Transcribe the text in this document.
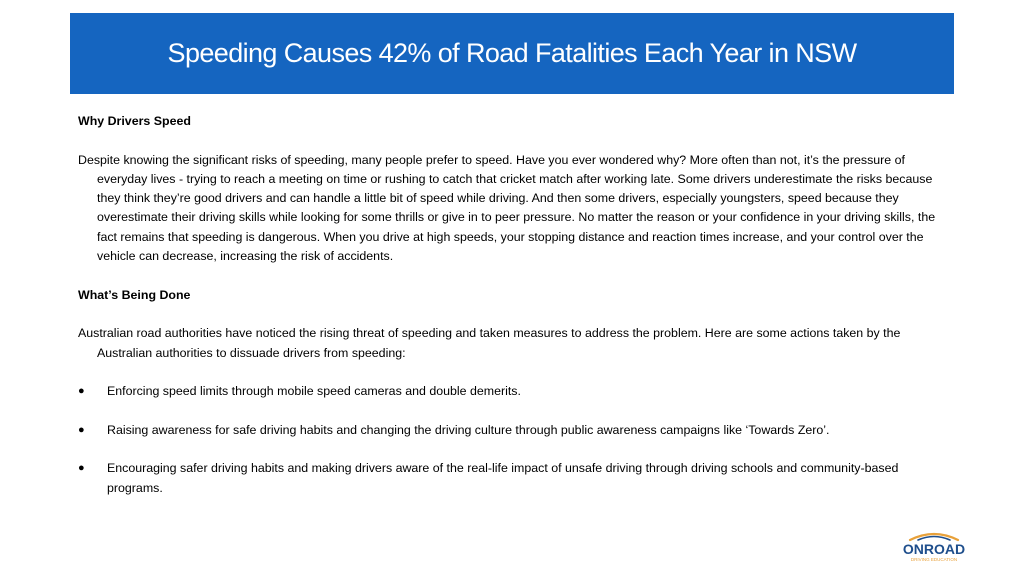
Speeding Causes 42% of Road Fatalities Each Year in NSW

Why Drivers Speed

Despite knowing the significant risks of speeding, many people prefer to speed. Have you ever wondered why? More often than not, it’s the pressure of everyday lives - trying to reach a meeting on time or rushing to catch that cricket match after working late. Some drivers underestimate the risks because they think they’re good drivers and can handle a little bit of speed while driving. And then some drivers, especially youngsters, speed because they overestimate their driving skills while looking for some thrills or give in to peer pressure. No matter the reason or your confidence in your driving skills, the fact remains that speeding is dangerous. When you drive at high speeds, your stopping distance and reaction times increase, and your control over the vehicle can decrease, increasing the risk of accidents.

What’s Being Done

Australian road authorities have noticed the rising threat of speeding and taken measures to address the problem. Here are some actions taken by the Australian authorities to dissuade drivers from speeding:

● Enforcing speed limits through mobile speed cameras and double demerits.
● Raising awareness for safe driving habits and changing the driving culture through public awareness campaigns like ‘Towards Zero’.
● Encouraging safer driving habits and making drivers aware of the real-life impact of unsafe driving through driving schools and community-based programs.
ONROAD
DRIVING EDUCATION
